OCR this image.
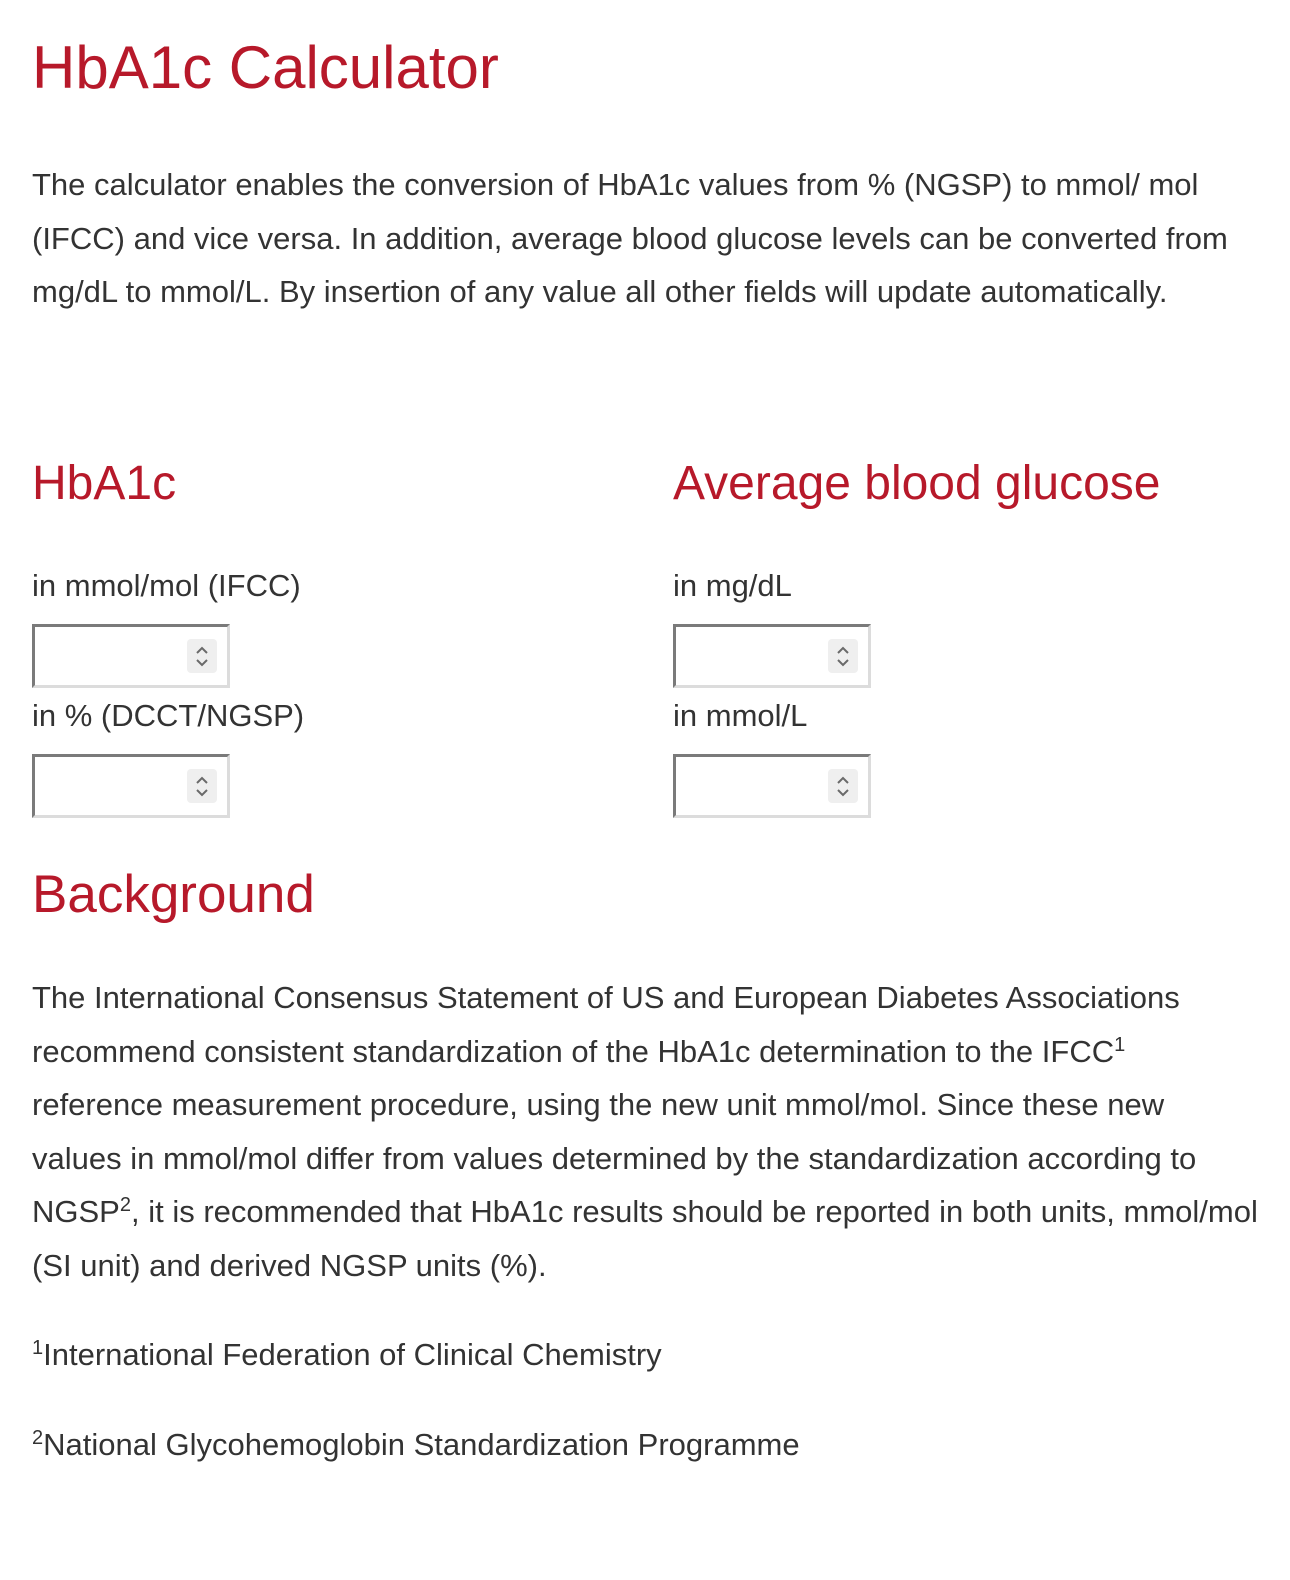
HbA1c Calculator

The calculator enables the conversion of HbA1c values from % (NGSP) to mmol/ mol (IFCC) and vice versa. In addition, average blood glucose levels can be converted from mg/dL to mmol/L. By insertion of any value all other fields will update automatically.

HbA1c
in mmol/mol (IFCC)
in % (DCCT/NGSP)
Average blood glucose
in mg/dL
in mmol/L
Background

The International Consensus Statement of US and European Diabetes Associations recommend consistent standardization of the HbA1c determination to the IFCC$^1$ reference measurement procedure, using the new unit mmol/mol. Since these new values in mmol/mol differ from values determined by the standardization according to NGSP$^2$, it is recommended that HbA1c results should be reported in both units, mmol/mol (SI unit) and derived NGSP units (%).

$^1$International Federation of Clinical Chemistry

$^2$National Glycohemoglobin Standardization Programme
